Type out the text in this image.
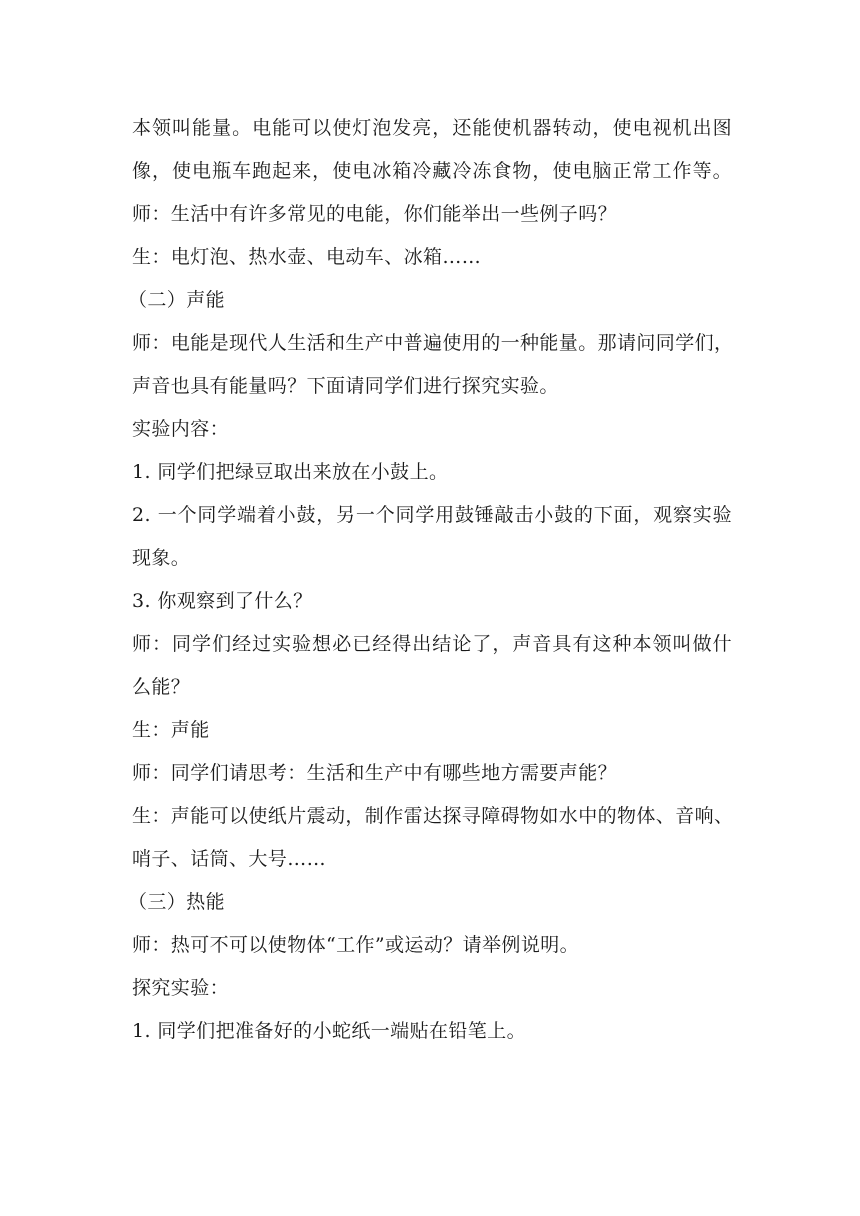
本领叫能量。电能可以使灯泡发亮，还能使机器转动，使电视机出图
像，使电瓶车跑起来，使电冰箱冷藏冷冻食物，使电脑正常工作等。
师：生活中有许多常见的电能，你们能举出一些例子吗？
生：电灯泡、热水壶、电动车、冰箱……
（二）声能
师：电能是现代人生活和生产中普遍使用的一种能量。那请问同学们，
声音也具有能量吗？下面请同学们进行探究实验。
实验内容：
1. 同学们把绿豆取出来放在小鼓上。
2. 一个同学端着小鼓，另一个同学用鼓锤敲击小鼓的下面，观察实验
现象。
3. 你观察到了什么？
师：同学们经过实验想必已经得出结论了，声音具有这种本领叫做什
么能？
生：声能
师：同学们请思考：生活和生产中有哪些地方需要声能？
生：声能可以使纸片震动，制作雷达探寻障碍物如水中的物体、音响、
哨子、话筒、大号……
（三）热能
师：热可不可以使物体“工作”或运动？请举例说明。
探究实验：
1. 同学们把准备好的小蛇纸一端贴在铅笔上。
